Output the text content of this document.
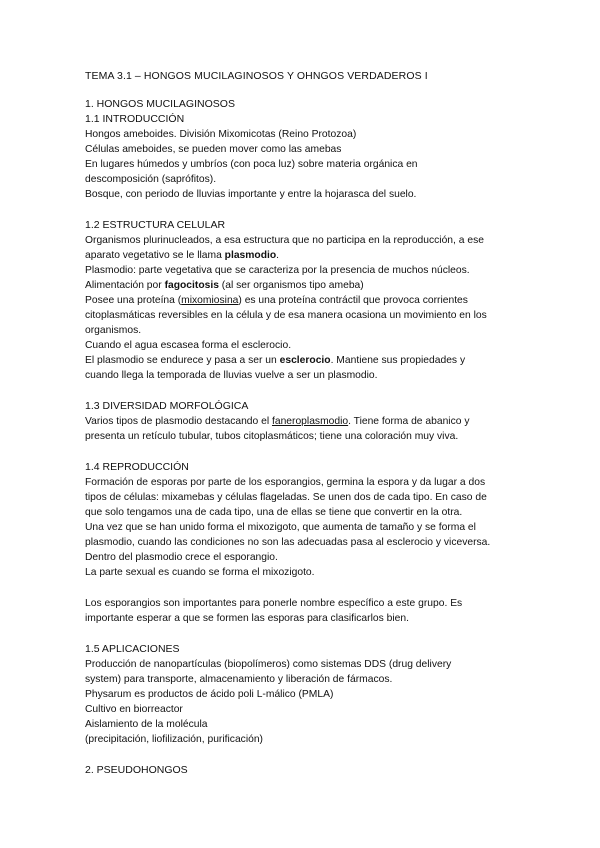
TEMA 3.1 – HONGOS MUCILAGINOSOS Y OHNGOS VERDADEROS I

1. HONGOS MUCILAGINOSOS

1.1 INTRODUCCIÓN

Hongos ameboides. División Mixomicotas (Reino Protozoa)

Células ameboides, se pueden mover como las amebas

En lugares húmedos y umbríos (con poca luz) sobre materia orgánica en

descomposición (saprófitos).

Bosque, con periodo de lluvias importante y entre la hojarasca del suelo.

1.2 ESTRUCTURA CELULAR

Organismos plurinucleados, a esa estructura que no participa en la reproducción, a ese

aparato vegetativo se le llama plasmodio.

Plasmodio: parte vegetativa que se caracteriza por la presencia de muchos núcleos.

Alimentación por fagocitosis (al ser organismos tipo ameba)

Posee una proteína (mixomiosina) es una proteína contráctil que provoca corrientes

citoplasmáticas reversibles en la célula y de esa manera ocasiona un movimiento en los

organismos.

Cuando el agua escasea forma el esclerocio.

El plasmodio se endurece y pasa a ser un esclerocio. Mantiene sus propiedades y

cuando llega la temporada de lluvias vuelve a ser un plasmodio.

1.3 DIVERSIDAD MORFOLÓGICA

Varios tipos de plasmodio destacando el faneroplasmodio. Tiene forma de abanico y

presenta un retículo tubular, tubos citoplasmáticos; tiene una coloración muy viva.

1.4 REPRODUCCIÓN

Formación de esporas por parte de los esporangios, germina la espora y da lugar a dos

tipos de células: mixamebas y células flageladas. Se unen dos de cada tipo. En caso de

que solo tengamos una de cada tipo, una de ellas se tiene que convertir en la otra.

Una vez que se han unido forma el mixozigoto, que aumenta de tamaño y se forma el

plasmodio, cuando las condiciones no son las adecuadas pasa al esclerocio y viceversa.

Dentro del plasmodio crece el esporangio.

La parte sexual es cuando se forma el mixozigoto.

Los esporangios son importantes para ponerle nombre específico a este grupo. Es

importante esperar a que se formen las esporas para clasificarlos bien.

1.5 APLICACIONES

Producción de nanopartículas (biopolímeros) como sistemas DDS (drug delivery

system) para transporte, almacenamiento y liberación de fármacos.

Physarum es productos de ácido poli L-málico (PMLA)

Cultivo en biorreactor

Aislamiento de la molécula

(precipitación, liofilización, purificación)

2. PSEUDOHONGOS
